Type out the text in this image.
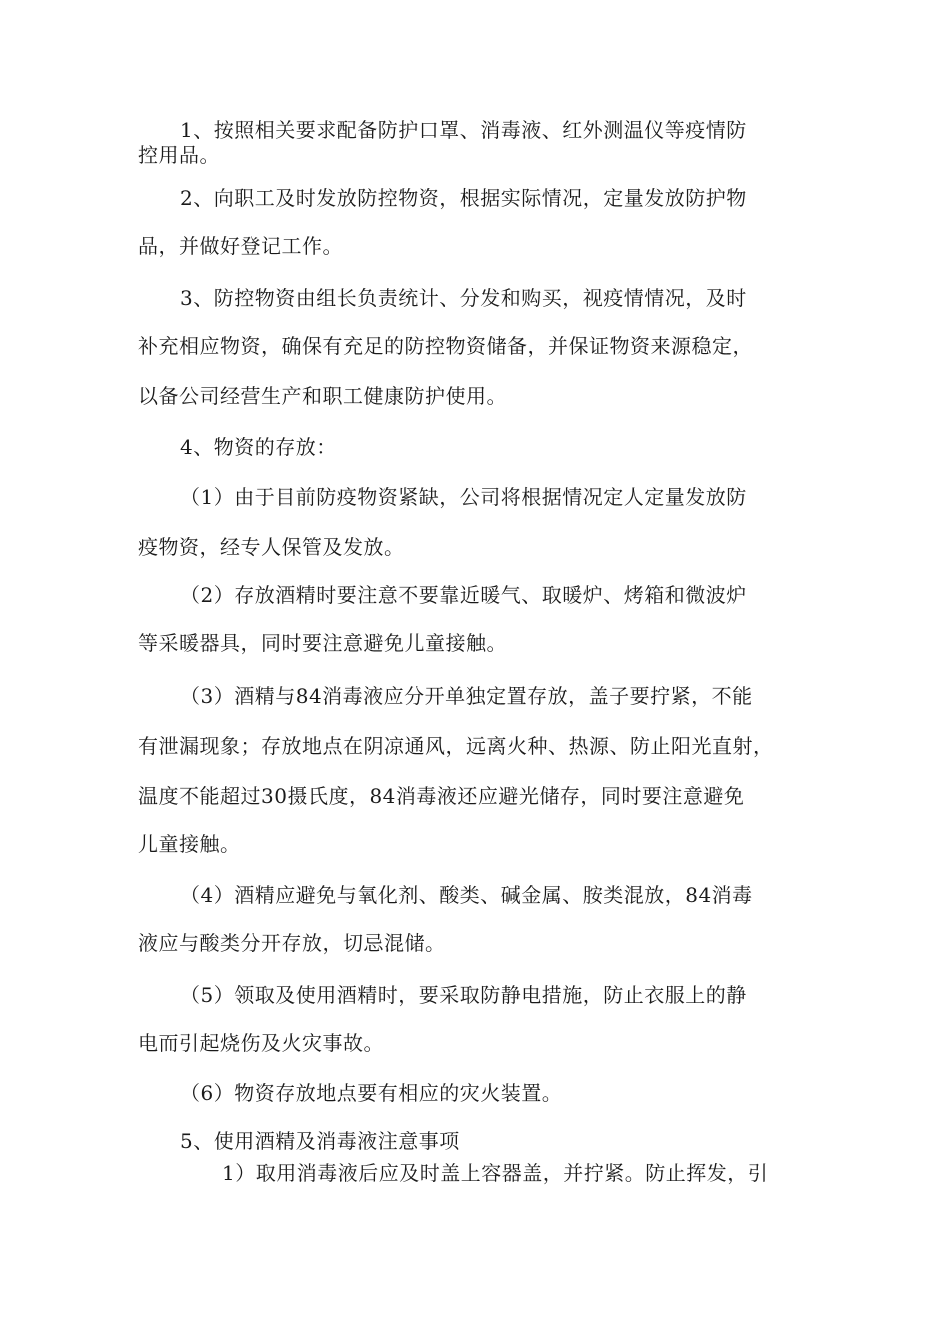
1、按照相关要求配备防护口罩、消毒液、红外测温仪等疫情防
控用品。
2、向职工及时发放防控物资，根据实际情况，定量发放防护物
品，并做好登记工作。
3、防控物资由组长负责统计、分发和购买，视疫情情况，及时
补充相应物资，确保有充足的防控物资储备，并保证物资来源稳定，
以备公司经营生产和职工健康防护使用。
4、物资的存放：
（1）由于目前防疫物资紧缺，公司将根据情况定人定量发放防
疫物资，经专人保管及发放。
（2）存放酒精时要注意不要靠近暖气、取暖炉、烤箱和微波炉
等采暖器具，同时要注意避免儿童接触。
（3）酒精与84消毒液应分开单独定置存放，盖子要拧紧，不能
有泄漏现象；存放地点在阴凉通风，远离火种、热源、防止阳光直射，
温度不能超过30摄氏度，84消毒液还应避光储存，同时要注意避免
儿童接触。
（4）酒精应避免与氧化剂、酸类、碱金属、胺类混放，84消毒
液应与酸类分开存放，切忌混储。
（5）领取及使用酒精时，要采取防静电措施，防止衣服上的静
电而引起烧伤及火灾事故。
（6）物资存放地点要有相应的灾火装置。
5、使用酒精及消毒液注意事项
1）取用消毒液后应及时盖上容器盖，并拧紧。防止挥发，引
